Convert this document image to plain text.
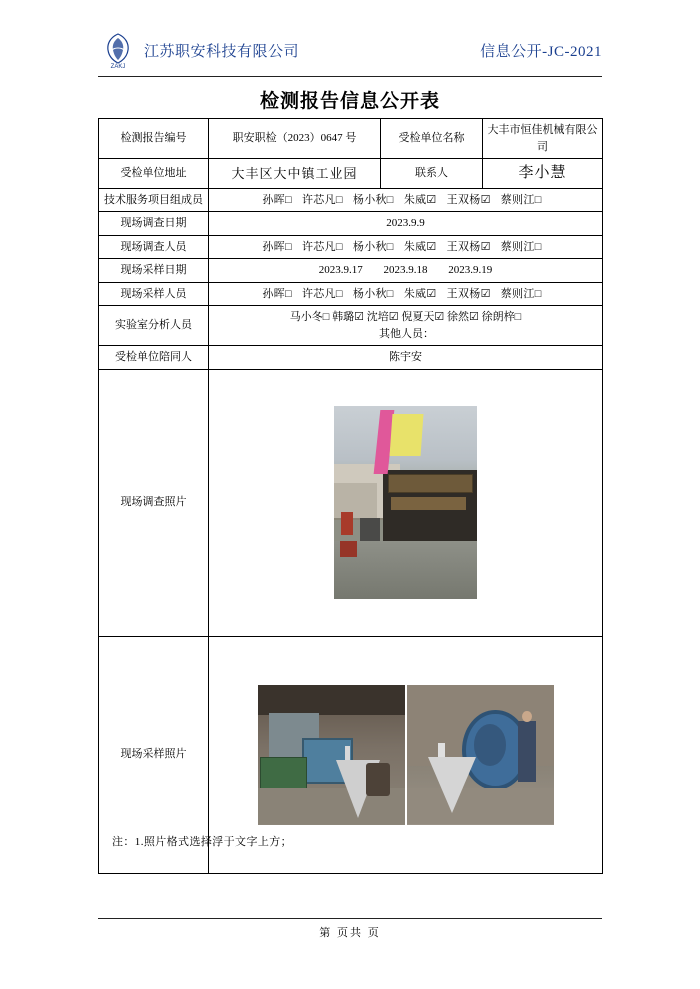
ZAKJ
江苏职安科技有限公司	信息公开-JC-2021
检测报告信息公开表
检测报告编号	职安职检（2023）0647 号	受检单位名称	大丰市恒佳机械有限公司
受检单位地址	大丰区大中镇工业园	联系人	李小慧
技术服务项目组成员	孙晖□ 许芯凡□ 杨小秋□ 朱威☑ 王双杨☑ 蔡则江□		
现场调查日期	2023.9.9		
现场调查人员	孙晖□ 许芯凡□ 杨小秋□ 朱威☑ 王双杨☑ 蔡则江□		
现场采样日期	2023.9.17 2023.9.18 2023.9.19		
现场采样人员	孙晖□ 许芯凡□ 杨小秋□ 朱威☑ 王双杨☑ 蔡则江□		
实验室分析人员	马小冬□ 韩璐☑ 沈培☑ 倪夏天☑ 徐然☑ 徐朗梓□
其他人员：		

受检单位陪同人	陈宇安		
现场调查照片			

现场采样照片			
注：1.照片格式选择浮于文字上方；
第 页共 页
